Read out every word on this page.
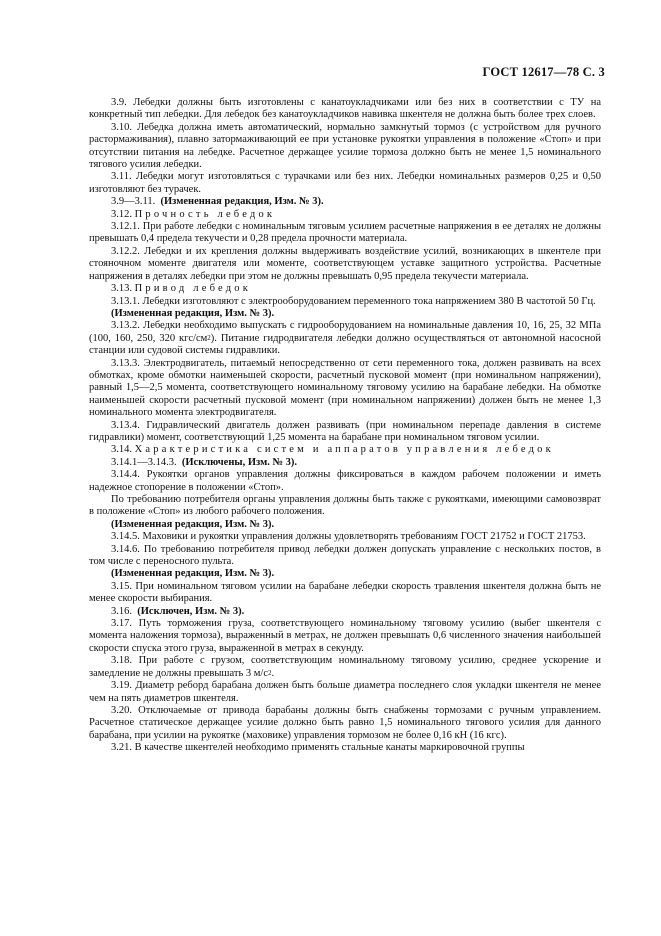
ГОСТ 12617—78 С. 3

3.9. Лебедки должны быть изготовлены с канатоукладчиками или без них в соответствии с ТУ на конкретный тип лебедки. Для лебедок без канатоукладчиков навивка шкентеля не должна быть более трех слоев.

3.10. Лебедка должна иметь автоматический, нормально замкнутый тормоз (с устройством для ручного растормаживания), плавно затормаживающий ее при установке рукоятки управления в положение «Стоп» и при отсутствии питания на лебедке. Расчетное держащее усилие тормоза должно быть не менее 1,5 номинального тягового усилия лебедки.

3.11. Лебедки могут изготовляться с турачками или без них. Лебедки номинальных размеров 0,25 и 0,50 изготовляют без турачек.

3.9—3.11. (Измененная редакция, Изм. № 3).

3.12. Прочность лебедок

3.12.1. При работе лебедки с номинальным тяговым усилием расчетные напряжения в ее деталях не должны превышать 0,4 предела текучести и 0,28 предела прочности материала.

3.12.2. Лебедки и их крепления должны выдерживать воздействие усилий, возникающих в шкентеле при стояночном моменте двигателя или моменте, соответствующем уставке защитного устройства. Расчетные напряжения в деталях лебедки при этом не должны превышать 0,95 предела текучести материала.

3.13. Привод лебедок

3.13.1. Лебедки изготовляют с электрооборудованием переменного тока напряжением 380 В частотой 50 Гц.

(Измененная редакция, Изм. № 3).

3.13.2. Лебедки необходимо выпускать с гидрооборудованием на номинальные давления 10, 16, 25, 32 МПа (100, 160, 250, 320 кгс/$см^2$). Питание гидродвигателя лебедки должно осуществляться от автономной насосной станции или судовой системы гидравлики.

3.13.3. Электродвигатель, питаемый непосредственно от сети переменного тока, должен развивать на всех обмотках, кроме обмотки наименьшей скорости, расчетный пусковой момент (при номинальном напряжении), равный 1,5—2,5 момента, соответствующего номинальному тяговому усилию на барабане лебедки. На обмотке наименьшей скорости расчетный пусковой момент (при номинальном напряжении) должен быть не менее 1,3 номинального момента электродвигателя.

3.13.4. Гидравлический двигатель должен развивать (при номинальном перепаде давления в системе гидравлики) момент, соответствующий 1,25 момента на барабане при номинальном тяговом усилии.

3.14. Характеристика систем и аппаратов управления лебедок

3.14.1—3.14.3. (Исключены, Изм. № 3).

3.14.4. Рукоятки органов управления должны фиксироваться в каждом рабочем положении и иметь надежное стопорение в положении «Стоп».

По требованию потребителя органы управления должны быть также с рукоятками, имеющими самовозврат в положение «Стоп» из любого рабочего положения.

(Измененная редакция, Изм. № 3).

3.14.5. Маховики и рукоятки управления должны удовлетворять требованиям ГОСТ 21752 и ГОСТ 21753.

3.14.6. По требованию потребителя привод лебедки должен допускать управление с нескольких постов, в том числе с переносного пульта.

(Измененная редакция, Изм. № 3).

3.15. При номинальном тяговом усилии на барабане лебедки скорость травления шкентеля должна быть не менее скорости выбирания.

3.16. (Исключен, Изм. № 3).

3.17. Путь торможения груза, соответствующего номинальному тяговому усилию (выбег шкентеля с момента наложения тормоза), выраженный в метрах, не должен превышать 0,6 численного значения наибольшей скорости спуска этого груза, выраженной в метрах в секунду.

3.18. При работе с грузом, соответствующим номинальному тяговому усилию, среднее ускорение и замедление не должны превышать 3 $м/с^2$.

3.19. Диаметр реборд барабана должен быть больше диаметра последнего слоя укладки шкентеля не менее чем на пять диаметров шкентеля.

3.20. Отключаемые от привода барабаны должны быть снабжены тормозами с ручным управлением. Расчетное статическое держащее усилие должно быть равно 1,5 номинального тягового усилия для данного барабана, при усилии на рукоятке (маховике) управления тормозом не более 0,16 кН (16 кгс).

3.21. В качестве шкентелей необходимо применять стальные канаты маркировочной группы
